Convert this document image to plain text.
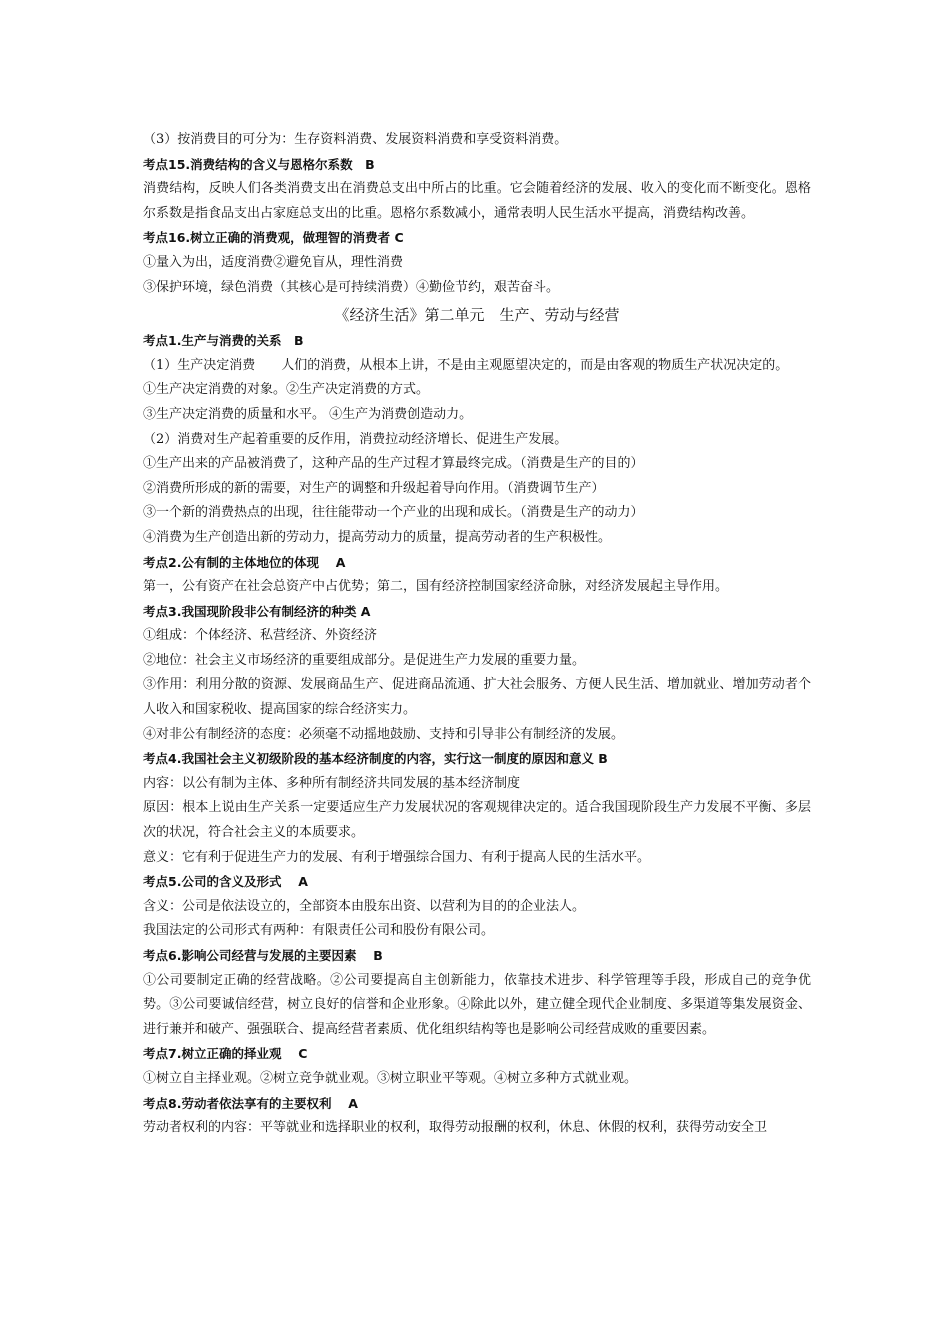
（3）按消费目的可分为：生存资料消费、发展资料消费和享受资料消费。
考点15.消费结构的含义与恩格尔系数　B
消费结构，反映人们各类消费支出在消费总支出中所占的比重。它会随着经济的发展、收入的变化而不断变化。恩格尔系数是指食品支出占家庭总支出的比重。恩格尔系数减小，通常表明人民生活水平提高，消费结构改善。
考点16.树立正确的消费观，做理智的消费者 C
①量入为出，适度消费②避免盲从，理性消费
③保护环境，绿色消费（其核心是可持续消费）④勤俭节约，艰苦奋斗。
《经济生活》第二单元　生产、劳动与经营
考点1.生产与消费的关系　B
（1）生产决定消费　　人们的消费，从根本上讲，不是由主观愿望决定的，而是由客观的物质生产状况决定的。
①生产决定消费的对象。②生产决定消费的方式。
③生产决定消费的质量和水平。 ④生产为消费创造动力。
（2）消费对生产起着重要的反作用，消费拉动经济增长、促进生产发展。
①生产出来的产品被消费了，这种产品的生产过程才算最终完成。（消费是生产的目的）
②消费所形成的新的需要，对生产的调整和升级起着导向作用。（消费调节生产）
③一个新的消费热点的出现，往往能带动一个产业的出现和成长。（消费是生产的动力）
④消费为生产创造出新的劳动力，提高劳动力的质量，提高劳动者的生产积极性。
考点2.公有制的主体地位的体现　 A
第一，公有资产在社会总资产中占优势；第二，国有经济控制国家经济命脉，对经济发展起主导作用。
考点3.我国现阶段非公有制经济的种类 A
①组成：个体经济、私营经济、外资经济
②地位：社会主义市场经济的重要组成部分。是促进生产力发展的重要力量。
③作用：利用分散的资源、发展商品生产、促进商品流通、扩大社会服务、方便人民生活、增加就业、增加劳动者个人收入和国家税收、提高国家的综合经济实力。
④对非公有制经济的态度：必须毫不动摇地鼓励、支持和引导非公有制经济的发展。
考点4.我国社会主义初级阶段的基本经济制度的内容，实行这一制度的原因和意义 B
内容：以公有制为主体、多种所有制经济共同发展的基本经济制度
原因：根本上说由生产关系一定要适应生产力发展状况的客观规律决定的。适合我国现阶段生产力发展不平衡、多层次的状况，符合社会主义的本质要求。
意义：它有利于促进生产力的发展、有利于增强综合国力、有利于提高人民的生活水平。
考点5.公司的含义及形式　 A
含义：公司是依法设立的，全部资本由股东出资、以营利为目的的企业法人。
我国法定的公司形式有两种：有限责任公司和股份有限公司。
考点6.影响公司经营与发展的主要因素　 B
①公司要制定正确的经营战略。②公司要提高自主创新能力，依靠技术进步、科学管理等手段，形成自己的竞争优势。③公司要诚信经营，树立良好的信誉和企业形象。④除此以外，建立健全现代企业制度、多渠道等集发展资金、进行兼并和破产、强强联合、提高经营者素质、优化组织结构等也是影响公司经营成败的重要因素。
考点7.树立正确的择业观　 C
①树立自主择业观。②树立竞争就业观。③树立职业平等观。④树立多种方式就业观。
考点8.劳动者依法享有的主要权利　 A
劳动者权利的内容：平等就业和选择职业的权利，取得劳动报酬的权利，休息、休假的权利，获得劳动安全卫
